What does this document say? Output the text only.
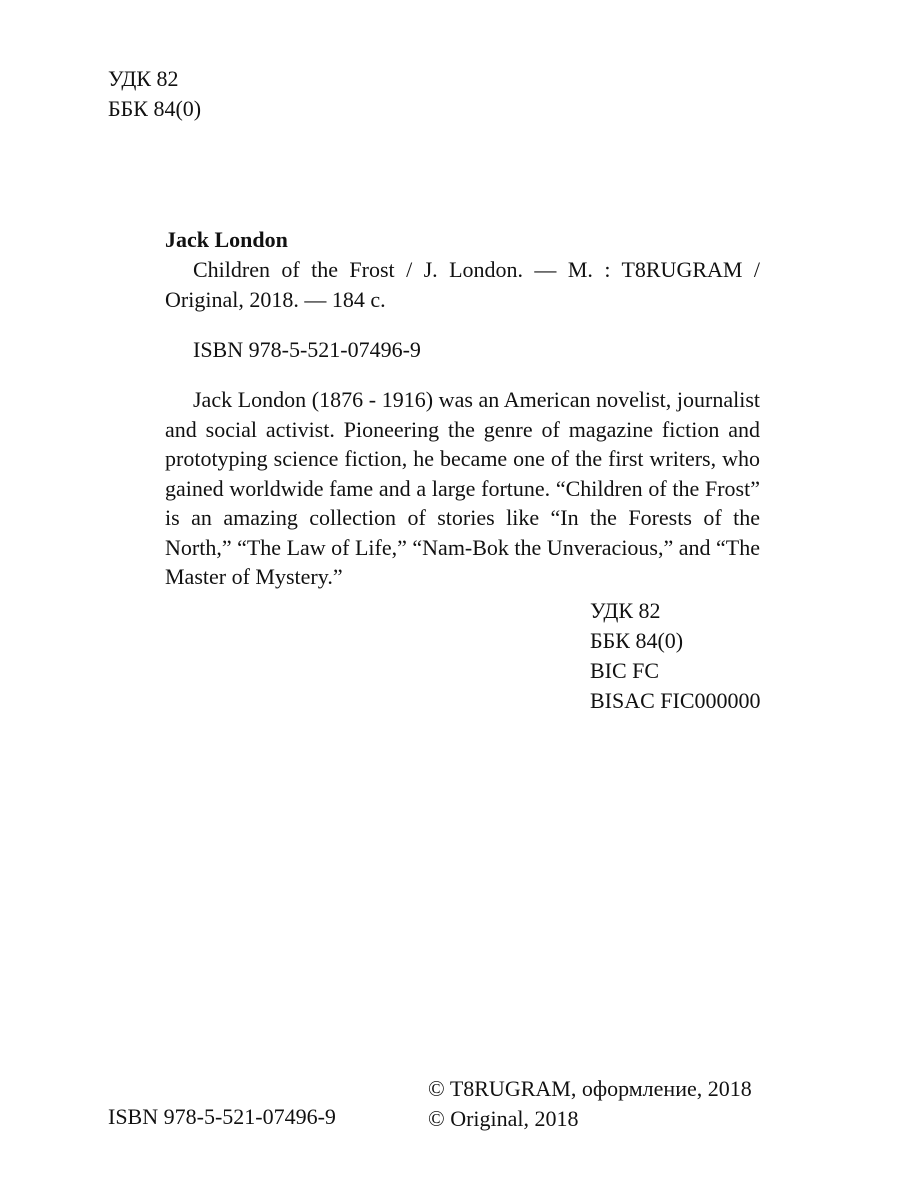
УДК 82
ББК 84(0)
Jack London

Children of the Frost / J. London. — M. : T8RUGRAM / Original, 2018. — 184 c.

ISBN 978-5-521-07496-9

Jack London (1876 - 1916) was an American novelist, journalist and social activist. Pioneering the genre of magazine fiction and prototyping science fiction, he became one of the first writers, who gained worldwide fame and a large fortune. “Children of the Frost” is an amazing collection of stories like “In the Forests of the North,” “The Law of Life,” “Nam-Bok the Unveracious,” and “The Master of Mystery.”

УДК 82
ББК 84(0)
BIC FC
BISAC FIC000000
© T8RUGRAM, оформление, 2018
© Original, 2018
ISBN 978-5-521-07496-9
